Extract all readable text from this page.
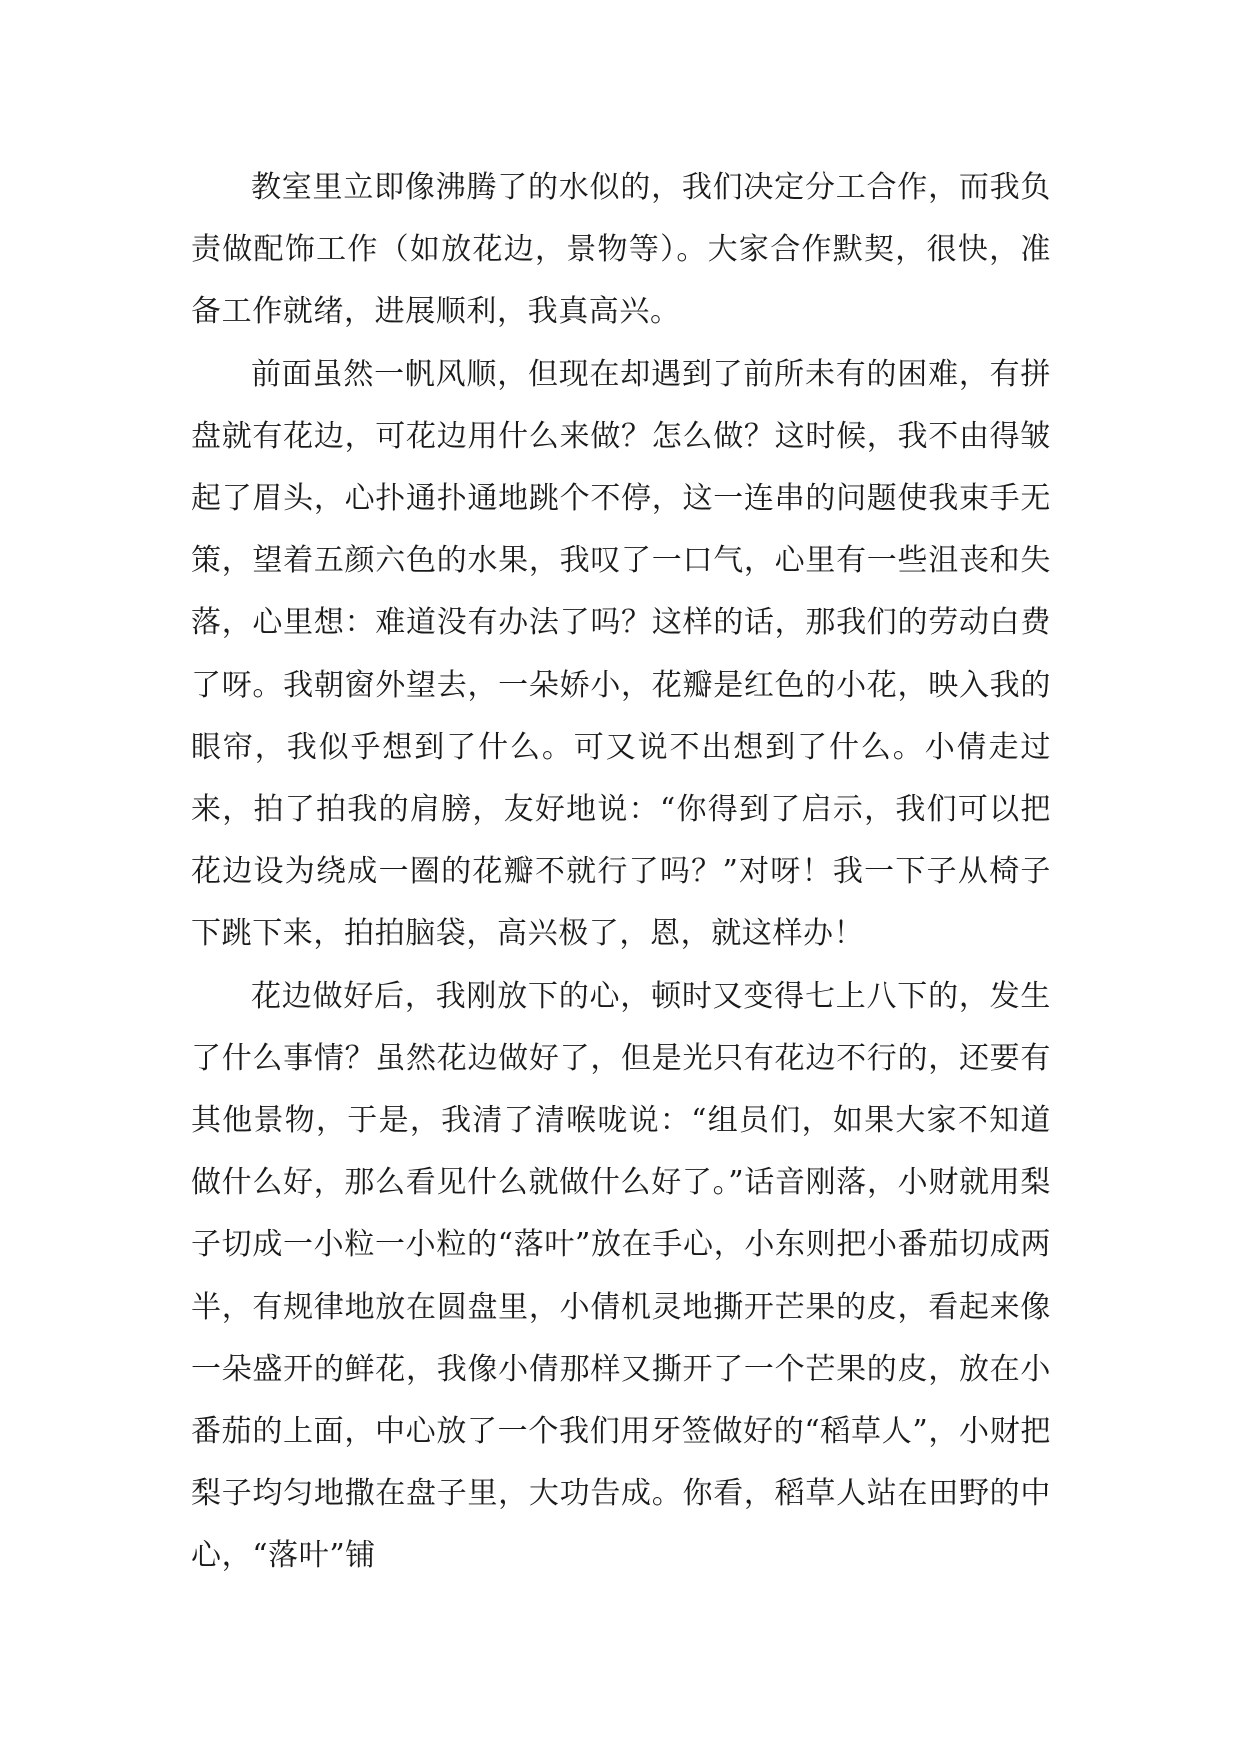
教室里立即像沸腾了的水似的，我们决定分工合作，而我负责做配饰工作（如放花边，景物等）。大家合作默契，很快，准备工作就绪，进展顺利，我真高兴。

前面虽然一帆风顺，但现在却遇到了前所未有的困难，有拼盘就有花边，可花边用什么来做？怎么做？这时候，我不由得皱起了眉头，心扑通扑通地跳个不停，这一连串的问题使我束手无策，望着五颜六色的水果，我叹了一口气，心里有一些沮丧和失落，心里想：难道没有办法了吗？这样的话，那我们的劳动白费了呀。我朝窗外望去，一朵娇小，花瓣是红色的小花，映入我的眼帘，我似乎想到了什么。可又说不出想到了什么。小倩走过来，拍了拍我的肩膀，友好地说：“你得到了启示，我们可以把花边设为绕成一圈的花瓣不就行了吗？”对呀！我一下子从椅子下跳下来，拍拍脑袋，高兴极了，恩，就这样办！

花边做好后，我刚放下的心，顿时又变得七上八下的，发生了什么事情？虽然花边做好了，但是光只有花边不行的，还要有其他景物，于是，我清了清喉咙说：“组员们，如果大家不知道做什么好，那么看见什么就做什么好了。”话音刚落，小财就用梨子切成一小粒一小粒的“落叶”放在手心，小东则把小番茄切成两半，有规律地放在圆盘里，小倩机灵地撕开芒果的皮，看起来像一朵盛开的鲜花，我像小倩那样又撕开了一个芒果的皮，放在小番茄的上面，中心放了一个我们用牙签做好的“稻草人”，小财把梨子均匀地撒在盘子里，大功告成。你看，稻草人站在田野的中心，“落叶”铺
